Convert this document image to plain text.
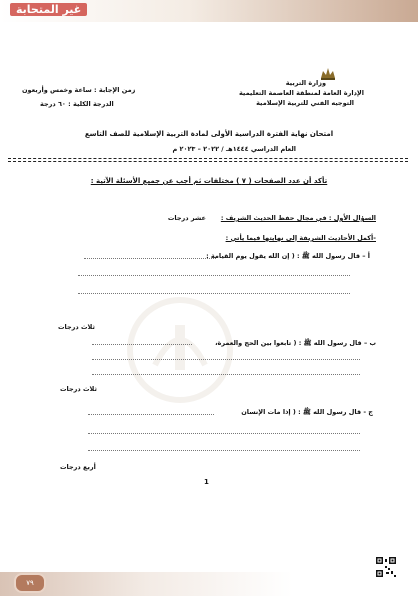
غير المتحابة
وزارة التربية
الإدارة العامة لمنطقة العاصمة التعليمية
التوجيه الفني للتربية الإسلامية
زمن الإجابة : ساعة وخمس وأربعون
الدرجة الكلية : ٦٠ درجة
امتحان نهاية الفترة الدراسية الأولى لمادة التربية الإسلامية للصف التاسع
العام الدراسي ١٤٤٤هـ / ٢٠٢٢ – ٢٠٢٣ م
تأكد أن عدد الصفحات ( ٧ ) مختلفات ثم أجب عن جميع الأسئلة الآتية :
السؤال الأول : في مجال حفظ الحديث الشريف :
عشر درجات
-أكمل الأحاديث الشريفة إلى نهايتها فيما يأتي :
أ – قال رسول الله ﷺ : ( إن الله يقول يوم القيامة :
ثلاث درجات
ب – قال رسول الله ﷺ : ( تابعوا بين الحج والعمرة،
ثلاث درجات
ج - قال رسول الله ﷺ : ( إذا مات الإنسان
أربع درجات
1
٧٩
